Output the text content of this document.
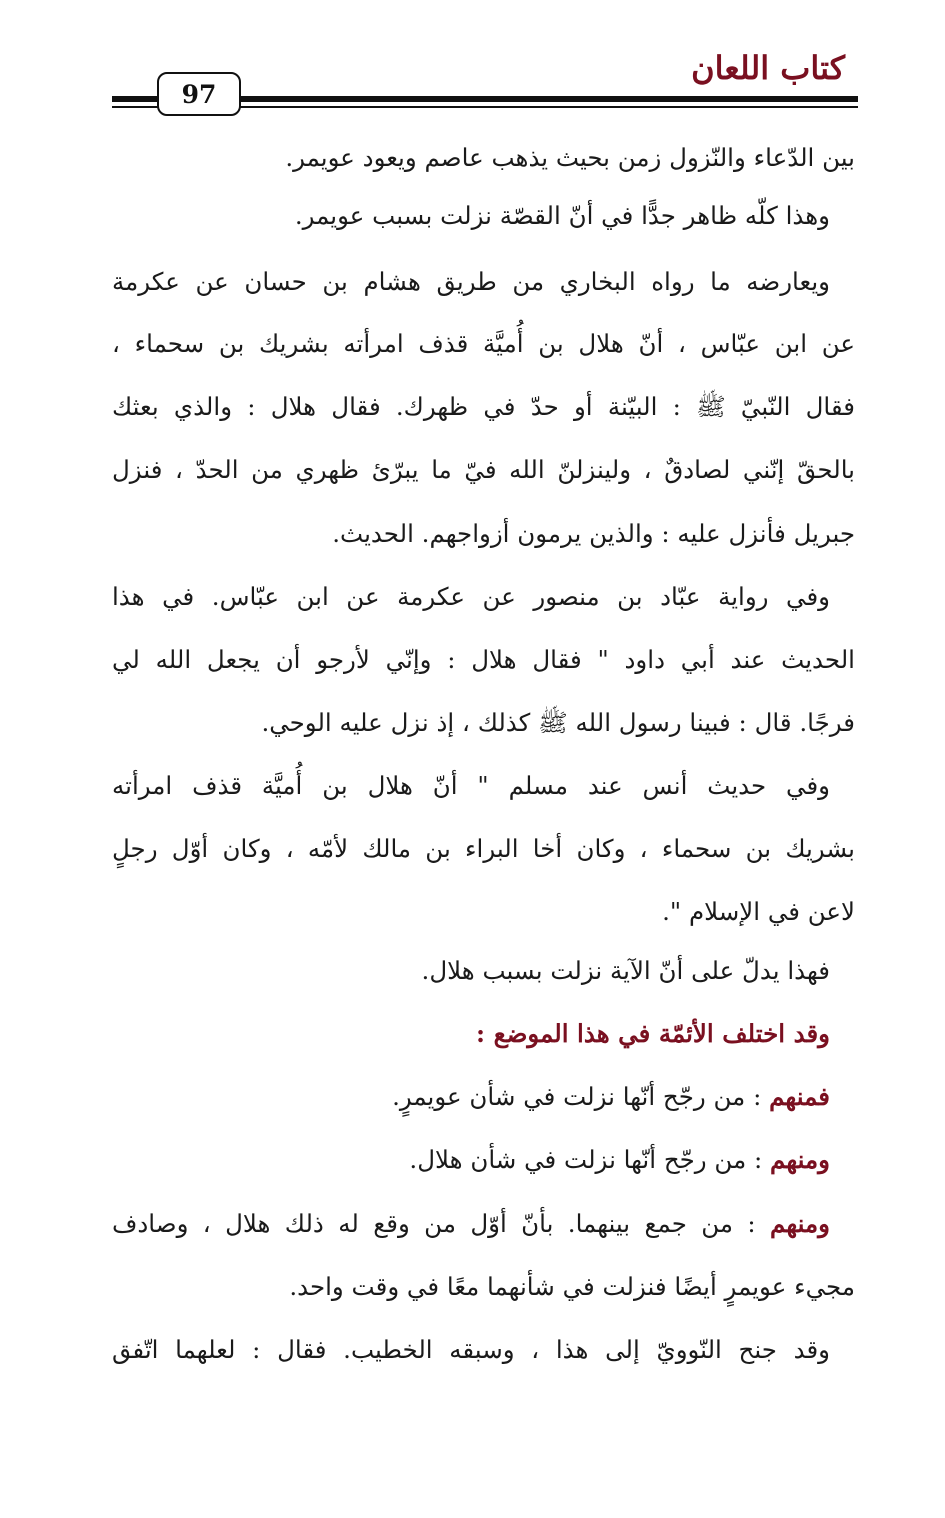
كتاب اللعان
97
بين الدّعاء والنّزول زمن بحيث يذهب عاصم ويعود عويمر.
وهذا كلّه ظاهر جدًّا في أنّ القصّة نزلت بسبب عويمر.
ويعارضه ما رواه البخاري من طريق هشام بن حسان عن عكرمة
عن ابن عبّاس ، أنّ هلال بن أُميَّة قذف امرأته بشريك بن سحماء ،
فقال النّبيّ ﷺ : البيّنة أو حدّ في ظهرك. فقال هلال : والذي بعثك
بالحقّ إنّني لصادقٌ ، ولينزلنّ الله فيّ ما يبرّئ ظهري من الحدّ ، فنزل
جبريل فأنزل عليه : والذين يرمون أزواجهم. الحديث.
وفي رواية عبّاد بن منصور عن عكرمة عن ابن عبّاس. في هذا
الحديث عند أبي داود " فقال هلال : وإنّي لأرجو أن يجعل الله لي
فرجًا. قال : فبينا رسول الله ﷺ كذلك ، إذ نزل عليه الوحي.
وفي حديث أنس عند مسلم " أنّ هلال بن أُميَّة قذف امرأته
بشريك بن سحماء ، وكان أخا البراء بن مالك لأمّه ، وكان أوّل رجلٍ
لاعن في الإسلام ".
فهذا يدلّ على أنّ الآية نزلت بسبب هلال.
وقد اختلف الأئمّة في هذا الموضع :
فمنهم : من رجّح أنّها نزلت في شأن عويمرٍ.
ومنهم : من رجّح أنّها نزلت في شأن هلال.
ومنهم : من جمع بينهما. بأنّ أوّل من وقع له ذلك هلال ، وصادف
مجيء عويمرٍ أيضًا فنزلت في شأنهما معًا في وقت واحد.
وقد جنح النّوويّ إلى هذا ، وسبقه الخطيب. فقال : لعلهما اتّفق
